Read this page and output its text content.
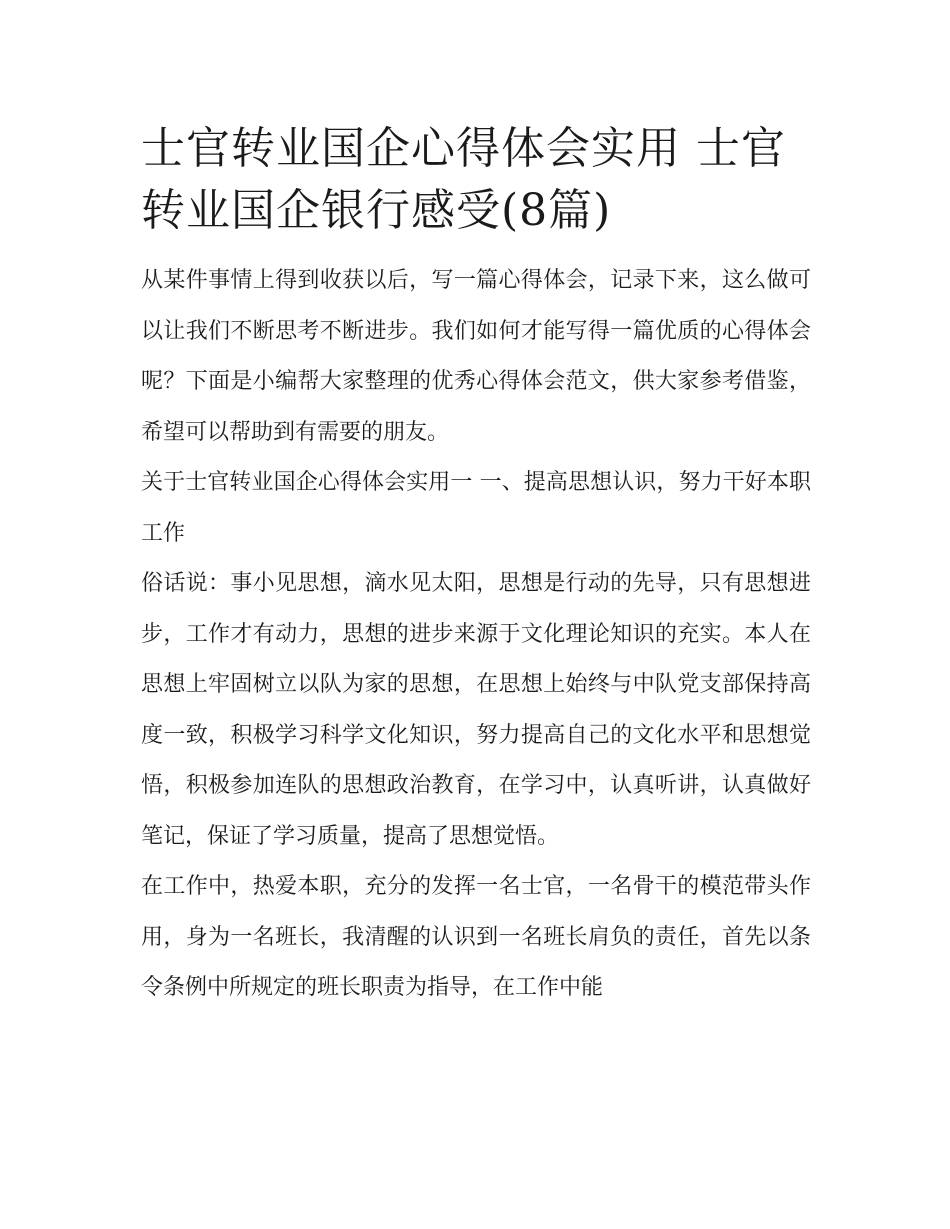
士官转业国企心得体会实用 士官转业国企银行感受(8篇)

从某件事情上得到收获以后，写一篇心得体会，记录下来，这么做可以让我们不断思考不断进步。我们如何才能写得一篇优质的心得体会呢？下面是小编帮大家整理的优秀心得体会范文，供大家参考借鉴，希望可以帮助到有需要的朋友。

关于士官转业国企心得体会实用一 一、提高思想认识，努力干好本职工作

俗话说：事小见思想，滴水见太阳，思想是行动的先导，只有思想进步，工作才有动力，思想的进步来源于文化理论知识的充实。本人在思想上牢固树立以队为家的思想，在思想上始终与中队党支部保持高度一致，积极学习科学文化知识，努力提高自己的文化水平和思想觉悟，积极参加连队的思想政治教育，在学习中，认真听讲，认真做好笔记，保证了学习质量，提高了思想觉悟。

在工作中，热爱本职，充分的发挥一名士官，一名骨干的模范带头作用，身为一名班长，我清醒的认识到一名班长肩负的责任，首先以条令条例中所规定的班长职责为指导，在工作中能
